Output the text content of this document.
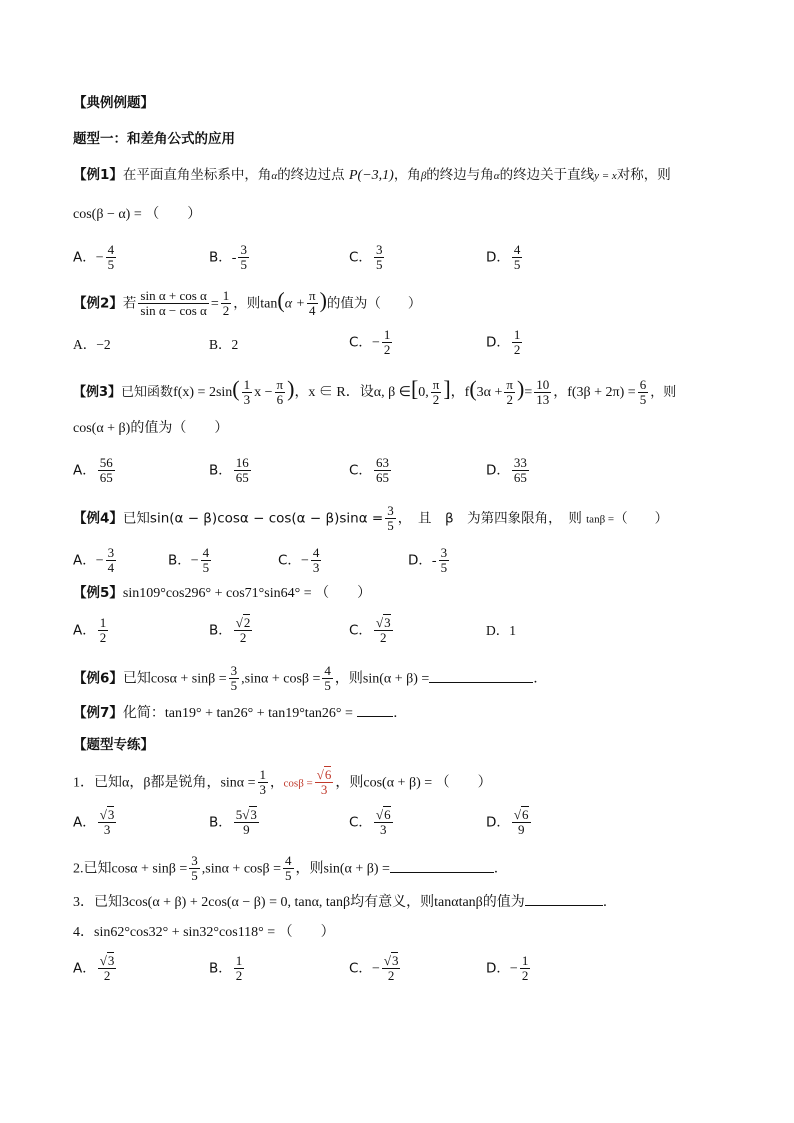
【典例例题】
题型一：和差角公式的应用
【例1】在平面直角坐标系中，角α的终边过点 P(−3,1)，角β的终边与角α的终边关于直线y = x对称，则
cos(β − α) = （　　）
A．− $\frac{4}{5}$	B．- $\frac{3}{5}$	C． $\frac{3}{5}$	D． $\frac{4}{5}$
【例2】若 $\frac{\text{sin α + cos α}}{\text{sin α − cos α}} = \frac{1}{2}$ ，则$\tan(\alpha + \frac{\pi}{4}$ )的值为（　　）
A．−2	B．2	C．− $\frac{1}{2}$	D． $\frac{1}{2}$
【例3】已知函数$f(x) = 2\sin( \frac{1}{3}$ $x - \frac{\pi}{6}$ )，x ∈ R．设α, β ∈[0, $\frac{\pi}{2}$ ]，$f(3\alpha + \frac{\pi}{2}$ )= $\frac{10}{13}$ ，$f(3\beta + 2\pi) = \frac{6}{5}$ ，则
cos(α + β)的值为（　　）
A． $\frac{56}{65}$	B． $\frac{16}{65}$	C． $\frac{63}{65}$	D． $\frac{33}{65}$
【例4】已知$\sin(\alpha - \beta)\cos\alpha - \cos(\alpha - \beta)\sin\alpha = \frac{3}{5}$ ，　且　β　为第四象限角，　则 tanβ =（　　）
A．− $\frac{3}{4}$	B．− $\frac{4}{5}$	C．− $\frac{4}{3}$	D．- $\frac{3}{5}$
【例5】sin109°cos296° + cos71°sin64° = （　　）
A． $\frac{1}{2}$	B． $\frac{√2}{2}$	C． $\frac{√3}{2}$	D．1
【例6】已知$\cos\alpha + \sin\beta = \frac{3}{5} ,\sin\alpha + \cos\beta = \frac{4}{5}$ ，则sin(α + β) =	．
【例7】化简：tan19° + tan26° + tan19°tan26° =	．
【题型专练】
1．已知α，β都是锐角，$\sin\alpha = \frac{1}{3}$ ，$\cos\beta = \frac{√6}{3}$ ，则cos(α + β) = （　　）
A． $\frac{√3}{3}$	B． $\frac{5√3}{9}$	C． $\frac{√6}{3}$	D． $\frac{√6}{9}$
2.已知$\cos\alpha + \sin\beta = \frac{3}{5} ,\sin\alpha + \cos\beta = \frac{4}{5}$ ，则sin(α + β) =	．
3．已知3cos(α + β) + 2cos(α − β) = 0, tanα, tanβ均有意义，则tanαtanβ的值为	．
4．sin62°cos32° + sin32°cos118° = （　　）
A． $\frac{√3}{2}$	B． $\frac{1}{2}$	C．− $\frac{√3}{2}$	D．− $\frac{1}{2}$
